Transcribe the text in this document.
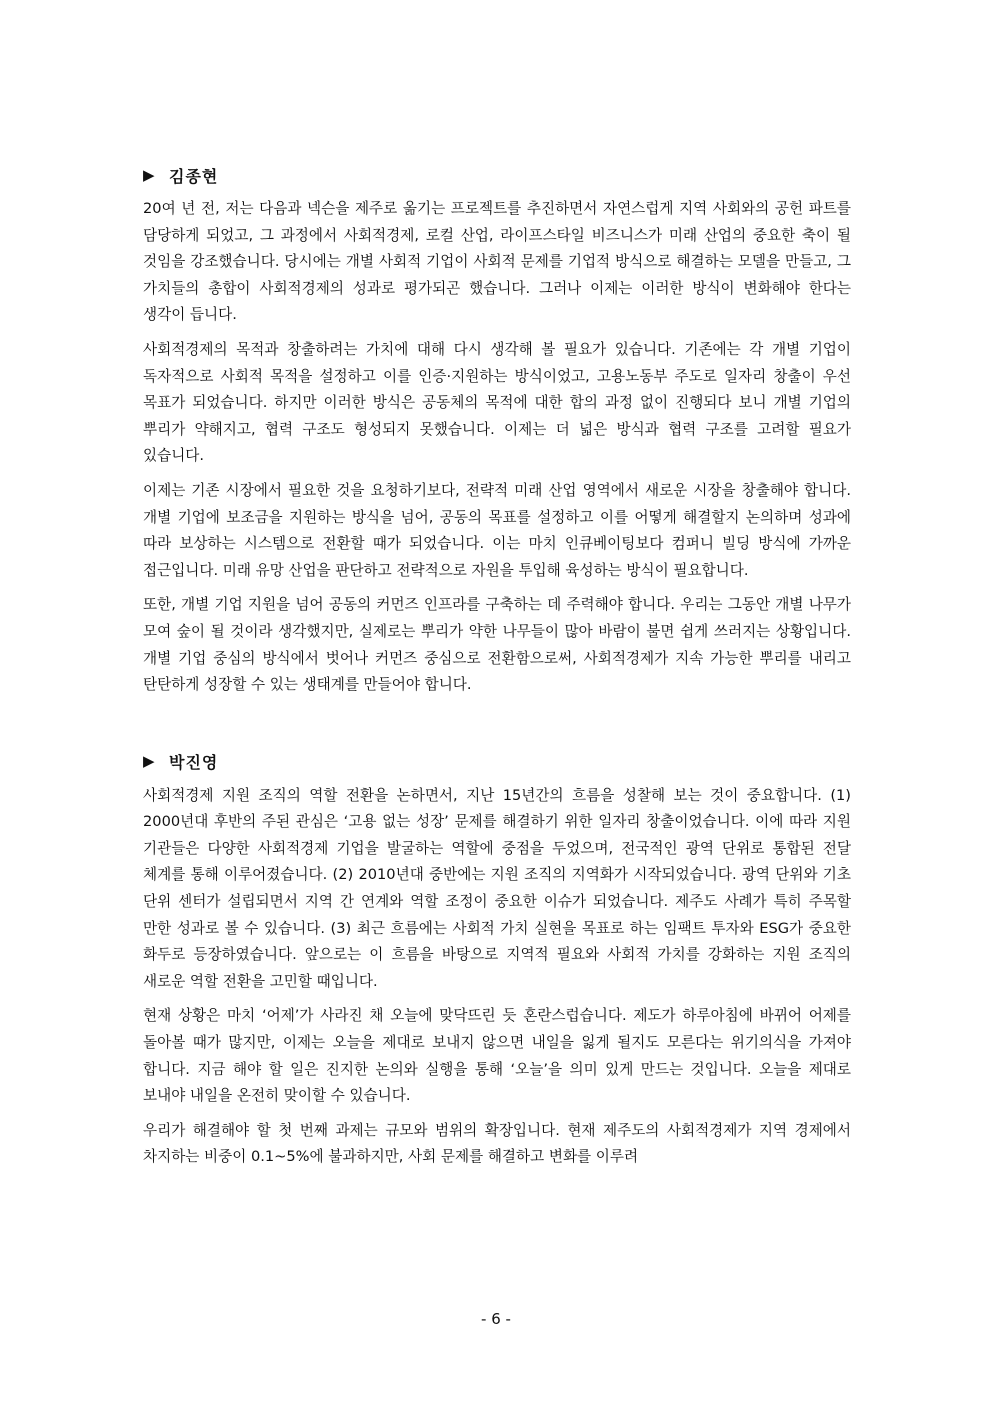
▶ 김종현

20여 년 전, 저는 다음과 넥슨을 제주로 옮기는 프로젝트를 추진하면서 자연스럽게 지역 사회와의 공헌 파트를 담당하게 되었고, 그 과정에서 사회적경제, 로컬 산업, 라이프스타일 비즈니스가 미래 산업의 중요한 축이 될 것임을 강조했습니다. 당시에는 개별 사회적 기업이 사회적 문제를 기업적 방식으로 해결하는 모델을 만들고, 그 가치들의 총합이 사회적경제의 성과로 평가되곤 했습니다. 그러나 이제는 이러한 방식이 변화해야 한다는 생각이 듭니다.

사회적경제의 목적과 창출하려는 가치에 대해 다시 생각해 볼 필요가 있습니다. 기존에는 각 개별 기업이 독자적으로 사회적 목적을 설정하고 이를 인증·지원하는 방식이었고, 고용노동부 주도로 일자리 창출이 우선 목표가 되었습니다. 하지만 이러한 방식은 공동체의 목적에 대한 합의 과정 없이 진행되다 보니 개별 기업의 뿌리가 약해지고, 협력 구조도 형성되지 못했습니다. 이제는 더 넓은 방식과 협력 구조를 고려할 필요가 있습니다.

이제는 기존 시장에서 필요한 것을 요청하기보다, 전략적 미래 산업 영역에서 새로운 시장을 창출해야 합니다. 개별 기업에 보조금을 지원하는 방식을 넘어, 공동의 목표를 설정하고 이를 어떻게 해결할지 논의하며 성과에 따라 보상하는 시스템으로 전환할 때가 되었습니다. 이는 마치 인큐베이팅보다 컴퍼니 빌딩 방식에 가까운 접근입니다. 미래 유망 산업을 판단하고 전략적으로 자원을 투입해 육성하는 방식이 필요합니다.

또한, 개별 기업 지원을 넘어 공동의 커먼즈 인프라를 구축하는 데 주력해야 합니다. 우리는 그동안 개별 나무가 모여 숲이 될 것이라 생각했지만, 실제로는 뿌리가 약한 나무들이 많아 바람이 불면 쉽게 쓰러지는 상황입니다. 개별 기업 중심의 방식에서 벗어나 커먼즈 중심으로 전환함으로써, 사회적경제가 지속 가능한 뿌리를 내리고 탄탄하게 성장할 수 있는 생태계를 만들어야 합니다.

▶ 박진영

사회적경제 지원 조직의 역할 전환을 논하면서, 지난 15년간의 흐름을 성찰해 보는 것이 중요합니다. (1) 2000년대 후반의 주된 관심은 ‘고용 없는 성장’ 문제를 해결하기 위한 일자리 창출이었습니다. 이에 따라 지원 기관들은 다양한 사회적경제 기업을 발굴하는 역할에 중점을 두었으며, 전국적인 광역 단위로 통합된 전달 체계를 통해 이루어졌습니다. (2) 2010년대 중반에는 지원 조직의 지역화가 시작되었습니다. 광역 단위와 기초 단위 센터가 설립되면서 지역 간 연계와 역할 조정이 중요한 이슈가 되었습니다. 제주도 사례가 특히 주목할 만한 성과로 볼 수 있습니다. (3) 최근 흐름에는 사회적 가치 실현을 목표로 하는 임팩트 투자와 ESG가 중요한 화두로 등장하였습니다. 앞으로는 이 흐름을 바탕으로 지역적 필요와 사회적 가치를 강화하는 지원 조직의 새로운 역할 전환을 고민할 때입니다.

현재 상황은 마치 ‘어제’가 사라진 채 오늘에 맞닥뜨린 듯 혼란스럽습니다. 제도가 하루아침에 바뀌어 어제를 돌아볼 때가 많지만, 이제는 오늘을 제대로 보내지 않으면 내일을 잃게 될지도 모른다는 위기의식을 가져야 합니다. 지금 해야 할 일은 진지한 논의와 실행을 통해 ‘오늘’을 의미 있게 만드는 것입니다. 오늘을 제대로 보내야 내일을 온전히 맞이할 수 있습니다.

우리가 해결해야 할 첫 번째 과제는 규모와 범위의 확장입니다. 현재 제주도의 사회적경제가 지역 경제에서 차지하는 비중이 0.1~5%에 불과하지만, 사회 문제를 해결하고 변화를 이루려

- 6 -
